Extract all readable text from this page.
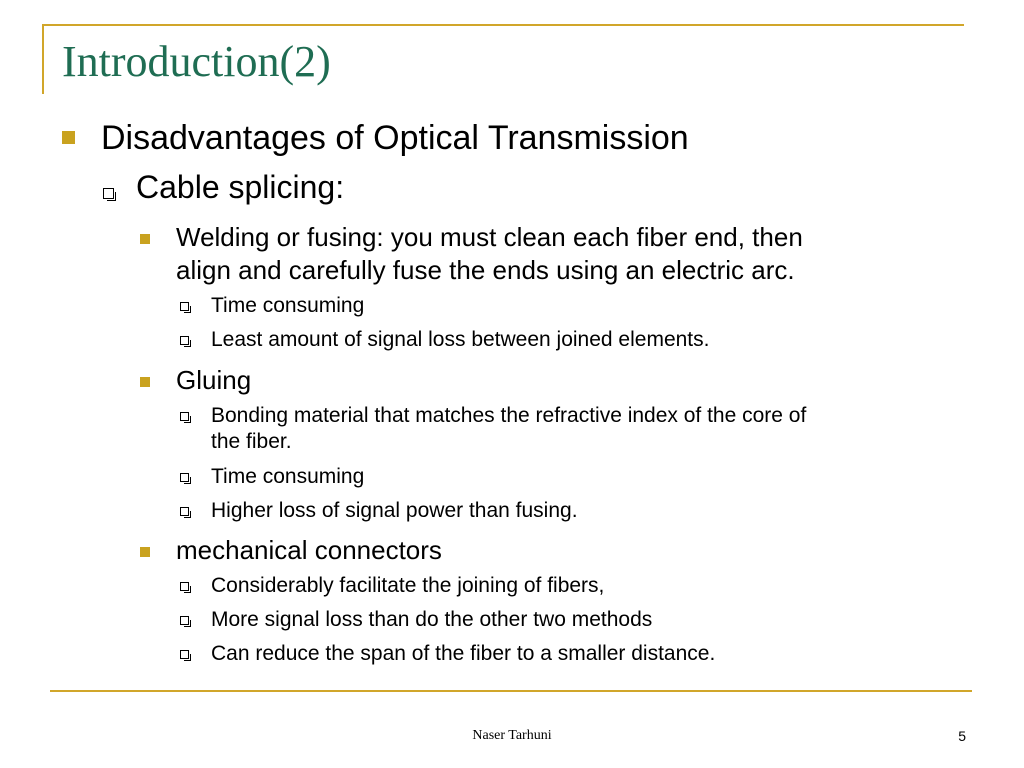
Introduction(2)
Disadvantages of Optical Transmission
Cable splicing:
Welding or fusing: you must clean each fiber end, then
align and carefully fuse the ends using an electric arc.
Time consuming
Least amount of signal loss between joined elements.
Gluing
Bonding material that matches the refractive index of the core of
the fiber.
Time consuming
Higher loss of signal power than fusing.
mechanical connectors
Considerably facilitate the joining of fibers,
More signal loss than do the other two methods
Can reduce the span of the fiber to a smaller distance.
Naser Tarhuni	5
